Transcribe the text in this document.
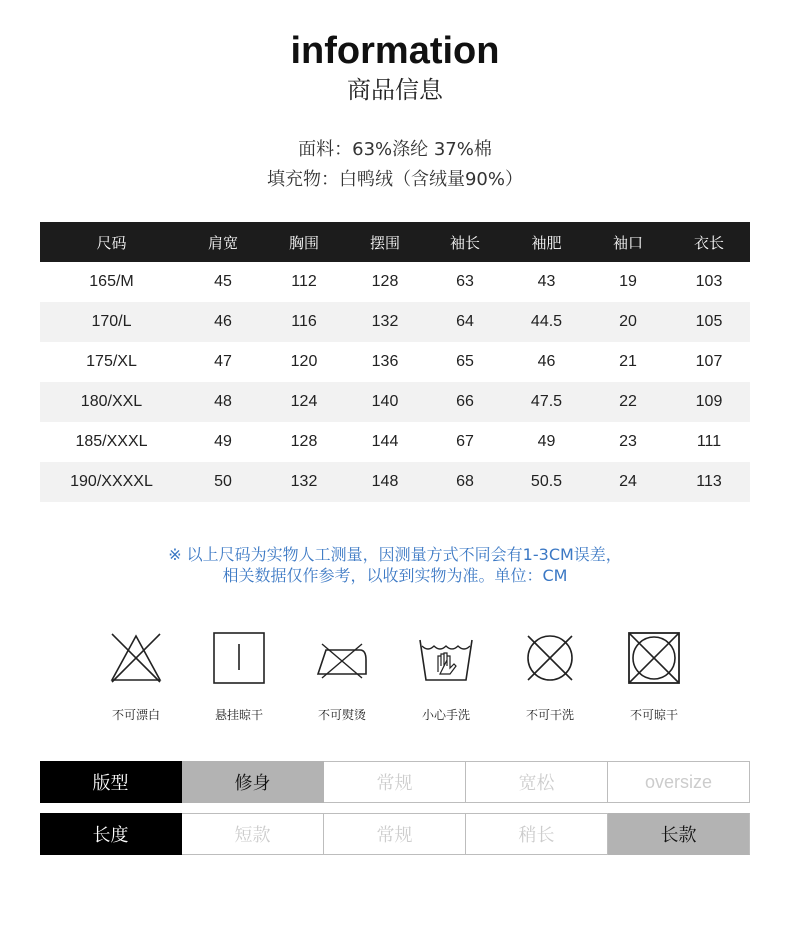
information
商品信息
面料：63%涤纶 37%棉
填充物：白鸭绒（含绒量90%）
尺码	肩宽	胸围	摆围	袖长	袖肥	袖口	衣长
165/M	45	112	128	63	43	19	103
170/L	46	116	132	64	44.5	20	105
175/XL	47	120	136	65	46	21	107
180/XXL	48	124	140	66	47.5	22	109
185/XXXL	49	128	144	67	49	23	111
190/XXXXL	50	132	148	68	50.5	24	113
※ 以上尺码为实物人工测量，因测量方式不同会有1-3CM误差，
相关数据仅作参考，以收到实物为准。单位：CM
不可漂白	悬挂晾干	不可熨烫	小心手洗	不可干洗	不可晾干
版型	修身	常规	宽松	oversize
长度	短款	常规	稍长	长款
